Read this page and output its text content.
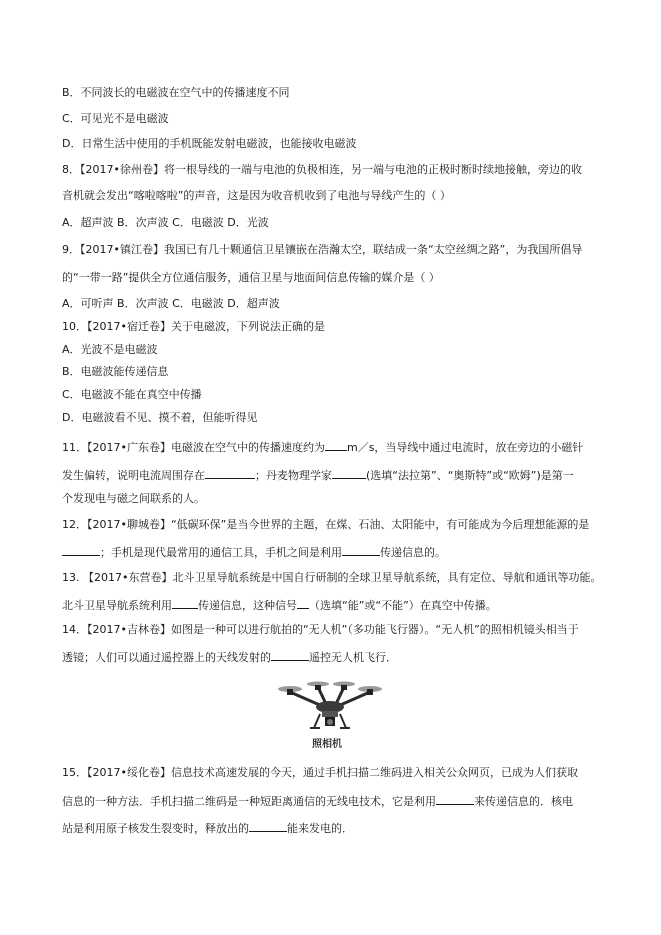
B．不同波长的电磁波在空气中的传播速度不同
C．可见光不是电磁波
D．日常生活中使用的手机既能发射电磁波，也能接收电磁波
8．【2017•徐州卷】将一根导线的一端与电池的负极相连，另一端与电池的正极时断时续地接触，旁边的收
音机就会发出“喀啦喀啦”的声音，这是因为收音机收到了电池与导线产生的（ ）
A．超声波 B．次声波 C．电磁波 D．光波
9．【2017•镇江卷】我国已有几十颗通信卫星镶嵌在浩瀚太空，联结成一条“太空丝绸之路”，为我国所倡导
的“一带一路”提供全方位通信服务，通信卫星与地面间信息传输的媒介是（ ）
A．可听声 B．次声波 C．电磁波 D．超声波
10．【2017•宿迁卷】关于电磁波，下列说法正确的是
A．光波不是电磁波
B．电磁波能传递信息
C．电磁波不能在真空中传播
D．电磁波看不见、摸不着，但能听得见
11．【2017•广东卷】电磁波在空气中的传播速度约为 m／s，当导线中通过电流时，放在旁边的小磁针
发生偏转，说明电流周围存在	；丹麦物理学家	(选填“法拉第”、“奥斯特”或“欧姆”)是第一
个发现电与磁之间联系的人。
12．【2017•聊城卷】“低碳环保”是当今世界的主题，在煤、石油、太阳能中，有可能成为今后理想能源的是
；手机是现代最常用的通信工具，手机之间是利用	传递信息的。
13. 【2017•东营卷】北斗卫星导航系统是中国自行研制的全球卫星导航系统，具有定位、导航和通讯等功能。
北斗卫星导航系统利用 传递信息，这种信号 （选填“能”或“不能”）在真空中传播。
14．【2017•吉林卷】如图是一种可以进行航拍的“无人机”（多功能飞行器）。“无人机”的照相机镜头相当于
透镜；人们可以通过遥控器上的天线发射的	遥控无人机飞行．
照相机
15．【2017•绥化卷】信息技术高速发展的今天，通过手机扫描二维码进入相关公众网页，已成为人们获取
信息的一种方法．手机扫描二维码是一种短距离通信的无线电技术，它是利用	来传递信息的．核电
站是利用原子核发生裂变时，释放出的	能来发电的．
